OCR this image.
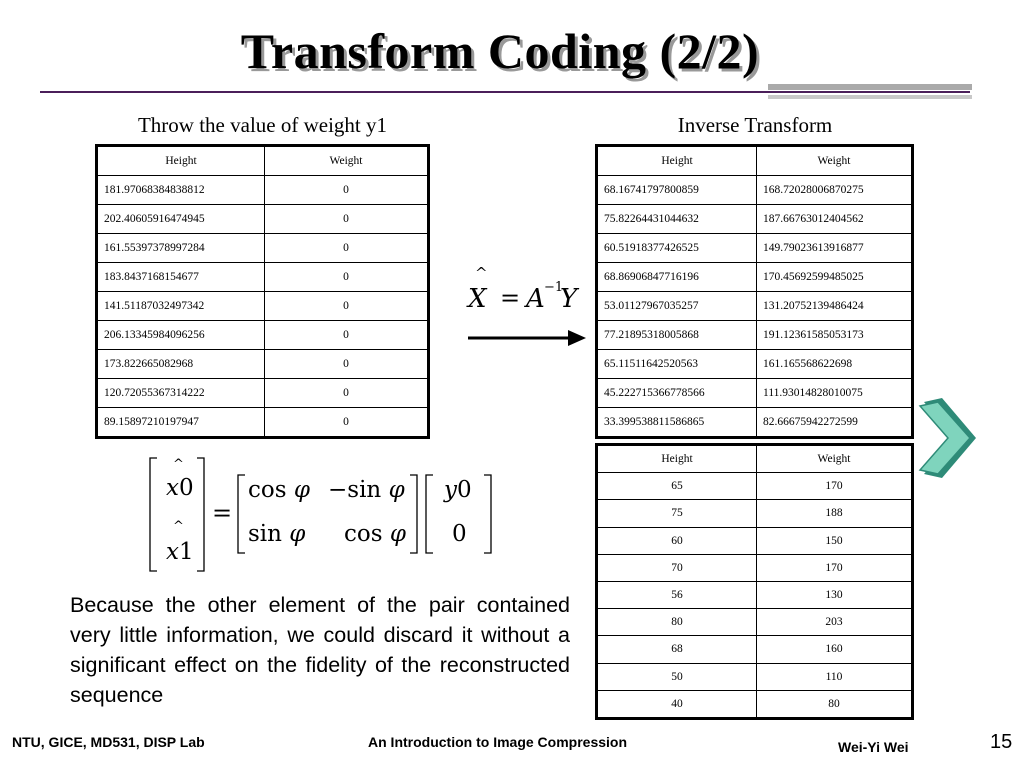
Transform Coding (2/2)
Throw the value of weight y1	Inverse Transform
Height	Weight
181.97068384838812	0
202.40605916474945	0
161.55397378997284	0
183.8437168154677	0
141.51187032497342	0
206.13345984096256	0
173.822665082968	0
120.72055367314222	0
89.15897210197947	0
Height	Weight
68.16741797800859	168.72028006870275
75.82264431044632	187.66763012404562
60.51918377426525	149.79023613916877
68.86906847716196	170.45692599485025
53.01127967035257	131.20752139486424
77.21895318005868	191.12361585053173
65.11511642520563	161.165568622698
45.222715366778566	111.93014828010075
33.399538811586865	82.66675942272599
Height	Weight
65	170
75	188
60	150
70	170
56	130
80	203
68	160
50	110
40	80
^
X = A −1
Y
^
x0
^
x1
=
cos φ −sin φ
sin φ cos φ
y0
0
Because the other element of the pair contained very little information, we could discard it without a significant effect on the fidelity of the reconstructed sequence
NTU, GICE, MD531, DISP Lab	An Introduction to Image Compression	Wei-Yi Wei	15
